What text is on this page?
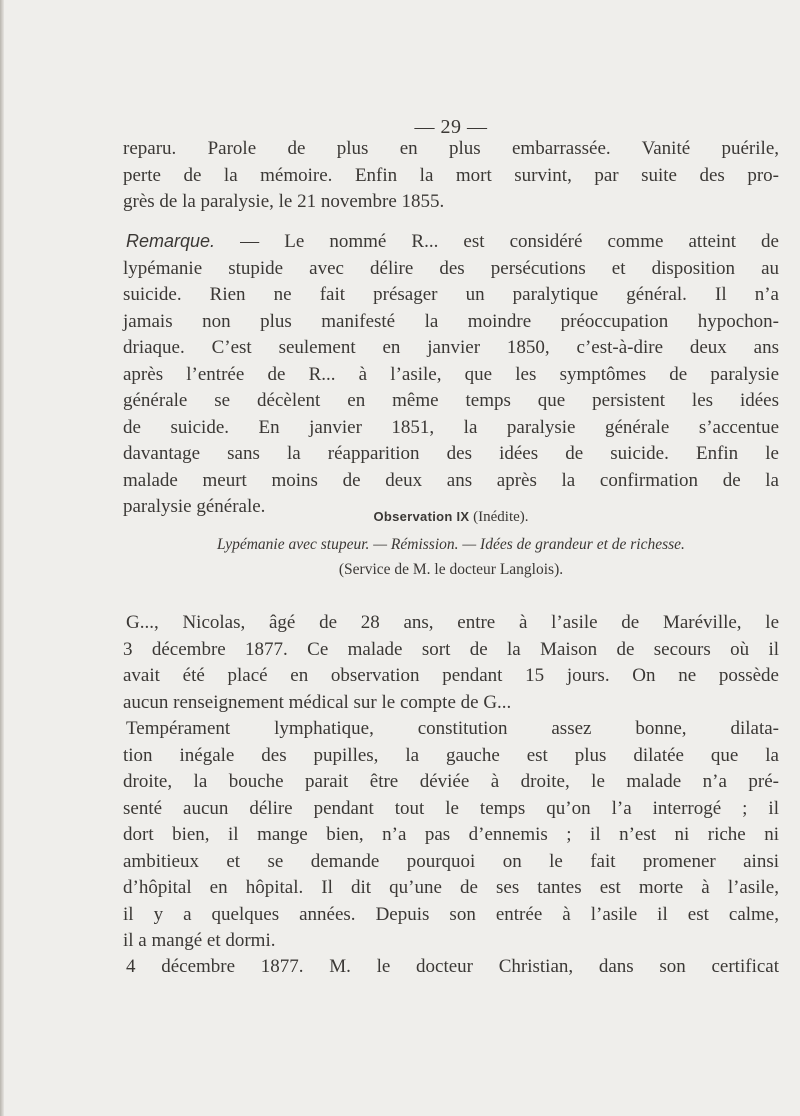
— 29 —
reparu. Parole de plus en plus embarrassée. Vanité puérile,
perte de la mémoire. Enfin la mort survint, par suite des pro-
grès de la paralysie, le 21 novembre 1855.
Remarque. — Le nommé R... est considéré comme atteint de
lypémanie stupide avec délire des persécutions et disposition au
suicide. Rien ne fait présager un paralytique général. Il n’a
jamais non plus manifesté la moindre préoccupation hypochon-
driaque. C’est seulement en janvier 1850, c’est-à-dire deux ans
après l’entrée de R... à l’asile, que les symptômes de paralysie
générale se décèlent en même temps que persistent les idées
de suicide. En janvier 1851, la paralysie générale s’accentue
davantage sans la réapparition des idées de suicide. Enfin le
malade meurt moins de deux ans après la confirmation de la
paralysie générale.	Observation IX (Inédite).
Lypémanie avec stupeur. — Rémission. — Idées de grandeur et de richesse.
(Service de M. le docteur Langlois).
G..., Nicolas, âgé de 28 ans, entre à l’asile de Maréville, le
3 décembre 1877. Ce malade sort de la Maison de secours où il
avait été placé en observation pendant 15 jours. On ne possède
aucun renseignement médical sur le compte de G...
Tempérament lymphatique, constitution assez bonne, dilata-
tion inégale des pupilles, la gauche est plus dilatée que la
droite, la bouche parait être déviée à droite, le malade n’a pré-
senté aucun délire pendant tout le temps qu’on l’a interrogé ; il
dort bien, il mange bien, n’a pas d’ennemis ; il n’est ni riche ni
ambitieux et se demande pourquoi on le fait promener ainsi
d’hôpital en hôpital. Il dit qu’une de ses tantes est morte à l’asile,
il y a quelques années. Depuis son entrée à l’asile il est calme,
il a mangé et dormi.
4 décembre 1877. M. le docteur Christian, dans son certificat
